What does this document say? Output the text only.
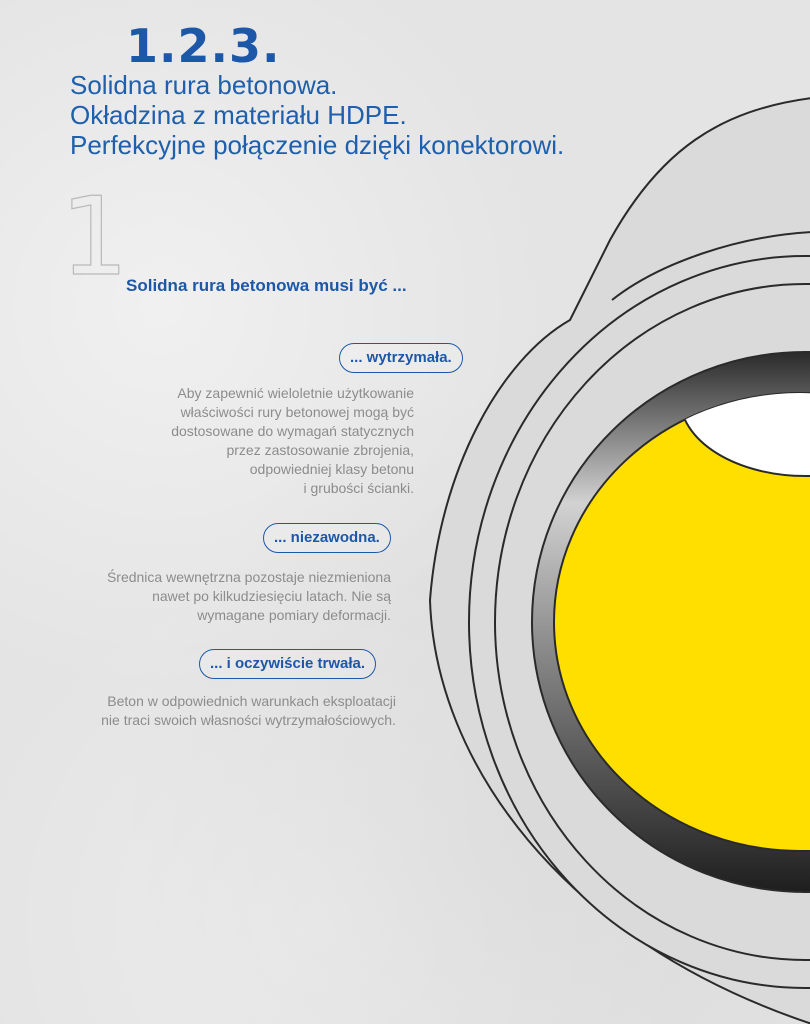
1.2.3.
Solidna rura betonowa.
Okładzina z materiału HDPE.
Perfekcyjne połączenie dzięki konektorowi.
1
Solidna rura betonowa musi być ...
... wytrzymała.
Aby zapewnić wieloletnie użytkowanie
właściwości rury betonowej mogą być
dostosowane do wymagań statycznych
przez zastosowanie zbrojenia,
odpowiedniej klasy betonu
i grubości ścianki.
... niezawodna.
Średnica wewnętrzna pozostaje niezmieniona
nawet po kilkudziesięciu latach. Nie są
wymagane pomiary deformacji.
... i oczywiście trwała.
Beton w odpowiednich warunkach eksploatacji
nie traci swoich własności wytrzymałościowych.
